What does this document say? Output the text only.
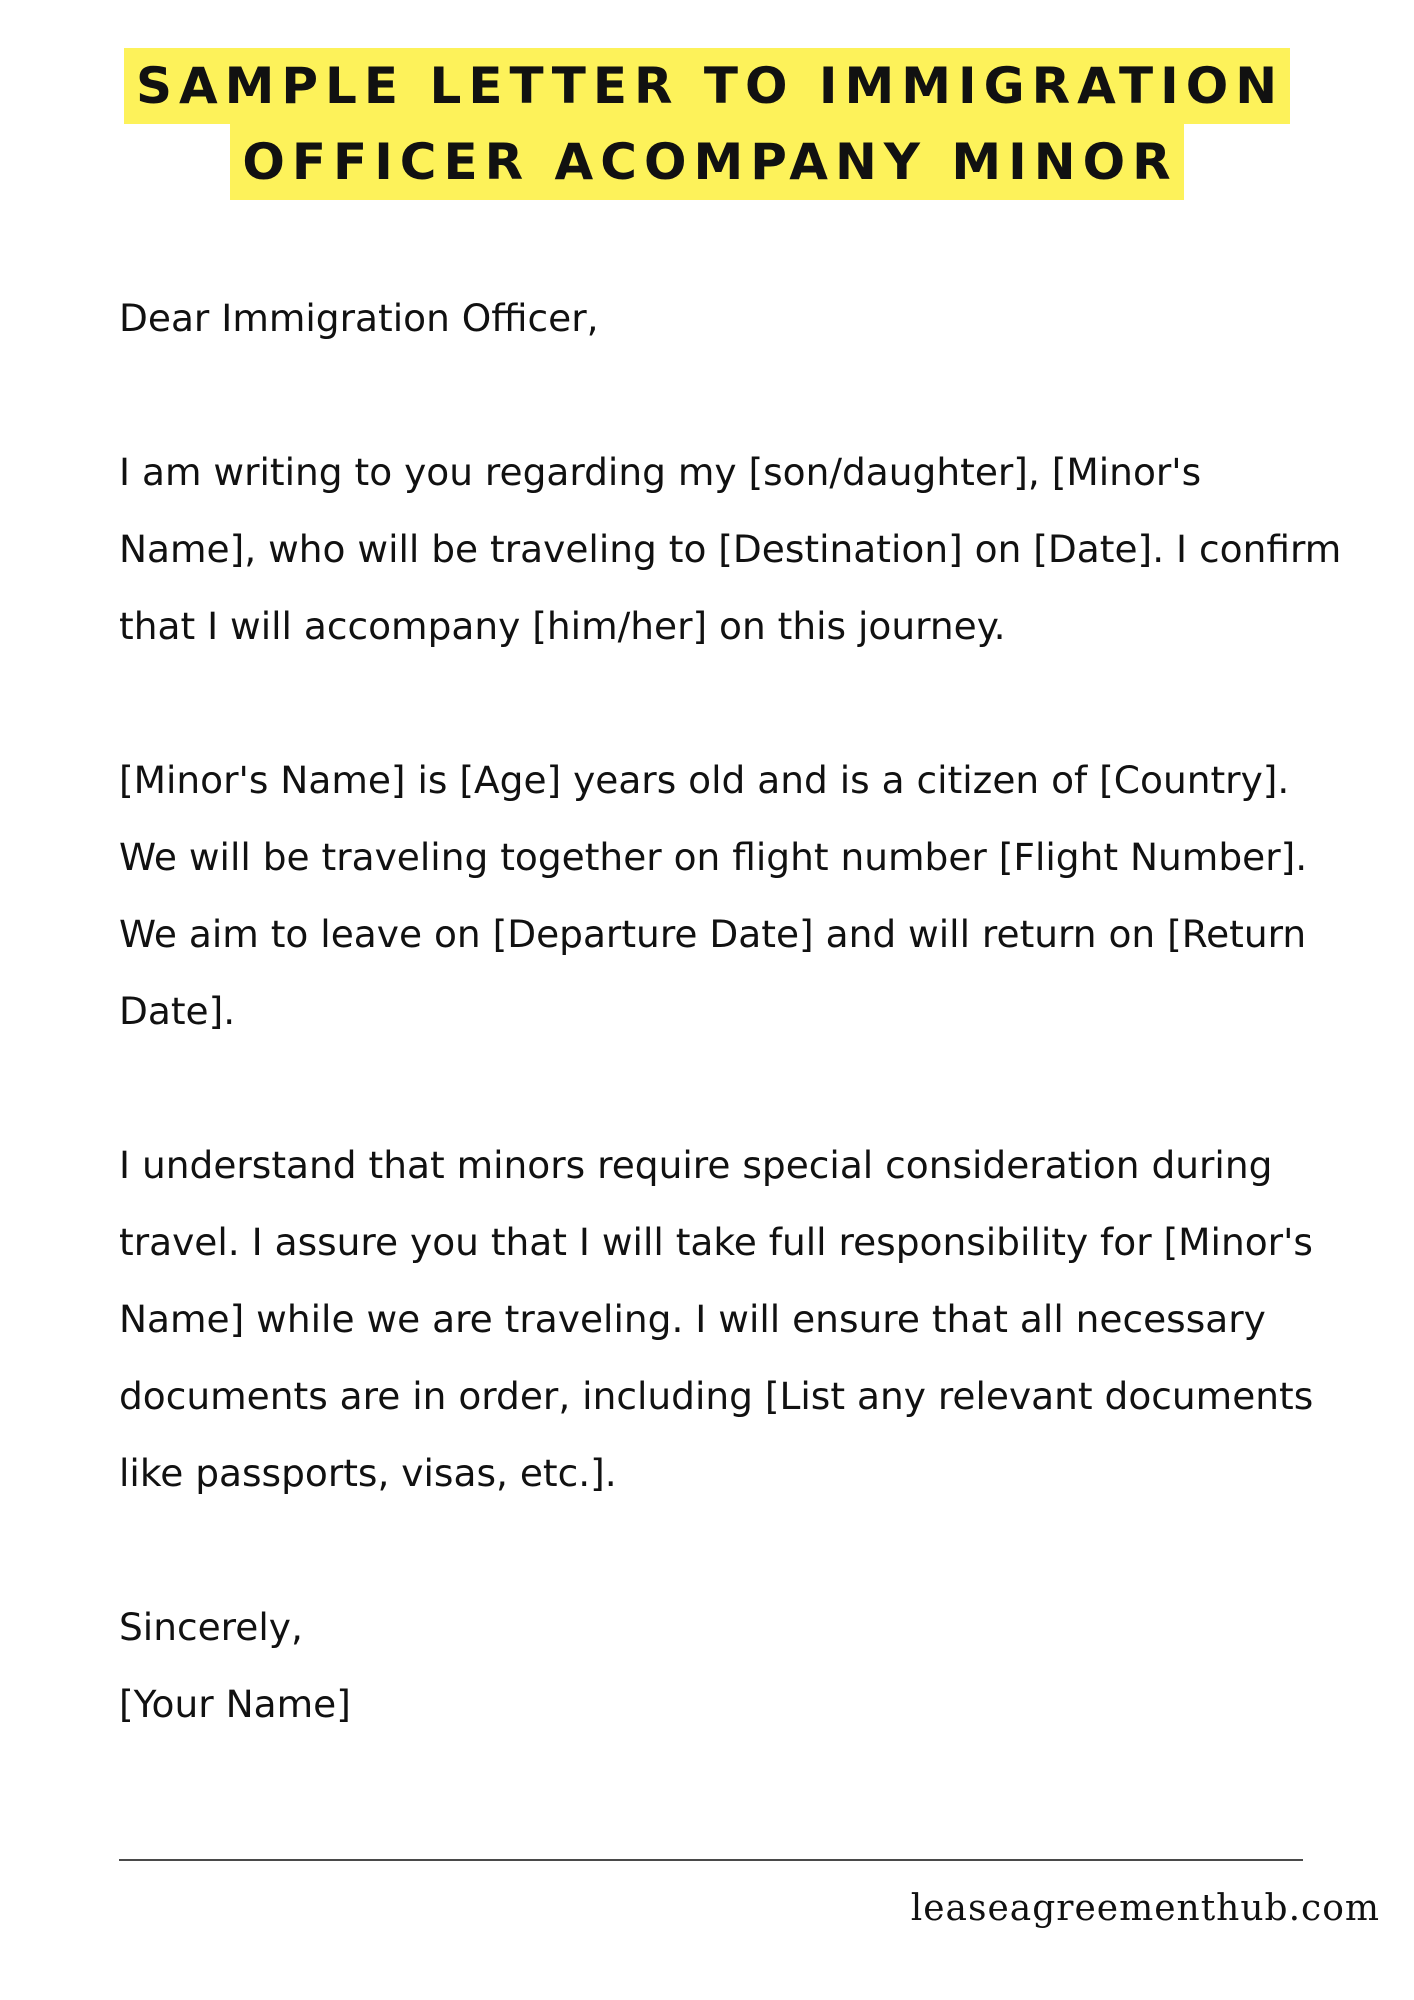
SAMPLE LETTER TO IMMIGRATION
OFFICER ACOMPANY MINOR

Dear Immigration Officer,

I am writing to you regarding my [son/daughter], [Minor's Name], who will be traveling to [Destination] on [Date]. I confirm that I will accompany [him/her] on this journey.

[Minor's Name] is [Age] years old and is a citizen of [Country]. We will be traveling together on flight number [Flight Number]. We aim to leave on [Departure Date] and will return on [Return Date].

I understand that minors require special consideration during travel. I assure you that I will take full responsibility for [Minor's Name] while we are traveling. I will ensure that all necessary documents are in order, including [List any relevant documents like passports, visas, etc.].

Sincerely,

[Your Name]

leaseagreementhub.com
